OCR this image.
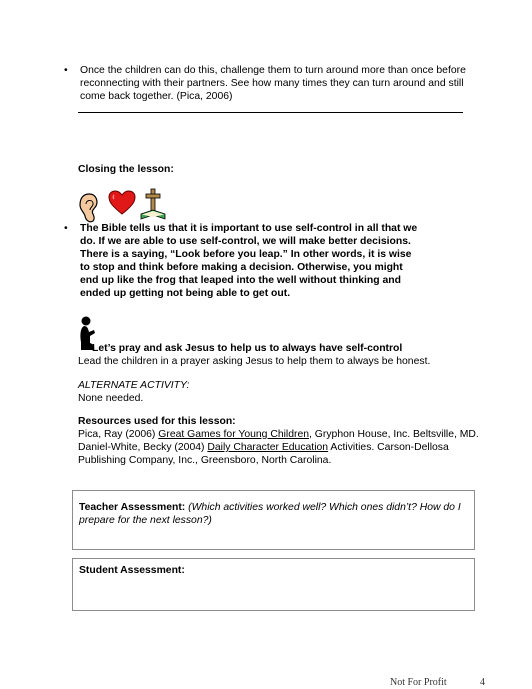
• Once the children can do this, challenge them to turn around more than once before
reconnecting with their partners. See how many times they can turn around and still
come back together. (Pica, 2006)
Closing the lesson:
• The Bible tells us that it is important to use self-control in all that we
do. If we are able to use self-control, we will make better decisions.
There is a saying, “Look before you leap.” In other words, it is wise
to stop and think before making a decision. Otherwise, you might
end up like the frog that leaped into the well without thinking and
ended up getting not being able to get out.
Let’s pray and ask Jesus to help us to always have self-control
Lead the children in a prayer asking Jesus to help them to always be honest.
ALTERNATE ACTIVITY:
None needed.
Resources used for this lesson:
Pica, Ray (2006) Great Games for Young Children, Gryphon House, Inc. Beltsville, MD.
Daniel-White, Becky (2004) Daily Character Education Activities. Carson-Dellosa
Publishing Company, Inc., Greensboro, North Carolina.
Teacher Assessment: (Which activities worked well? Which ones didn’t? How do I
prepare for the next lesson?)
Student Assessment:
Not For Profit	4
